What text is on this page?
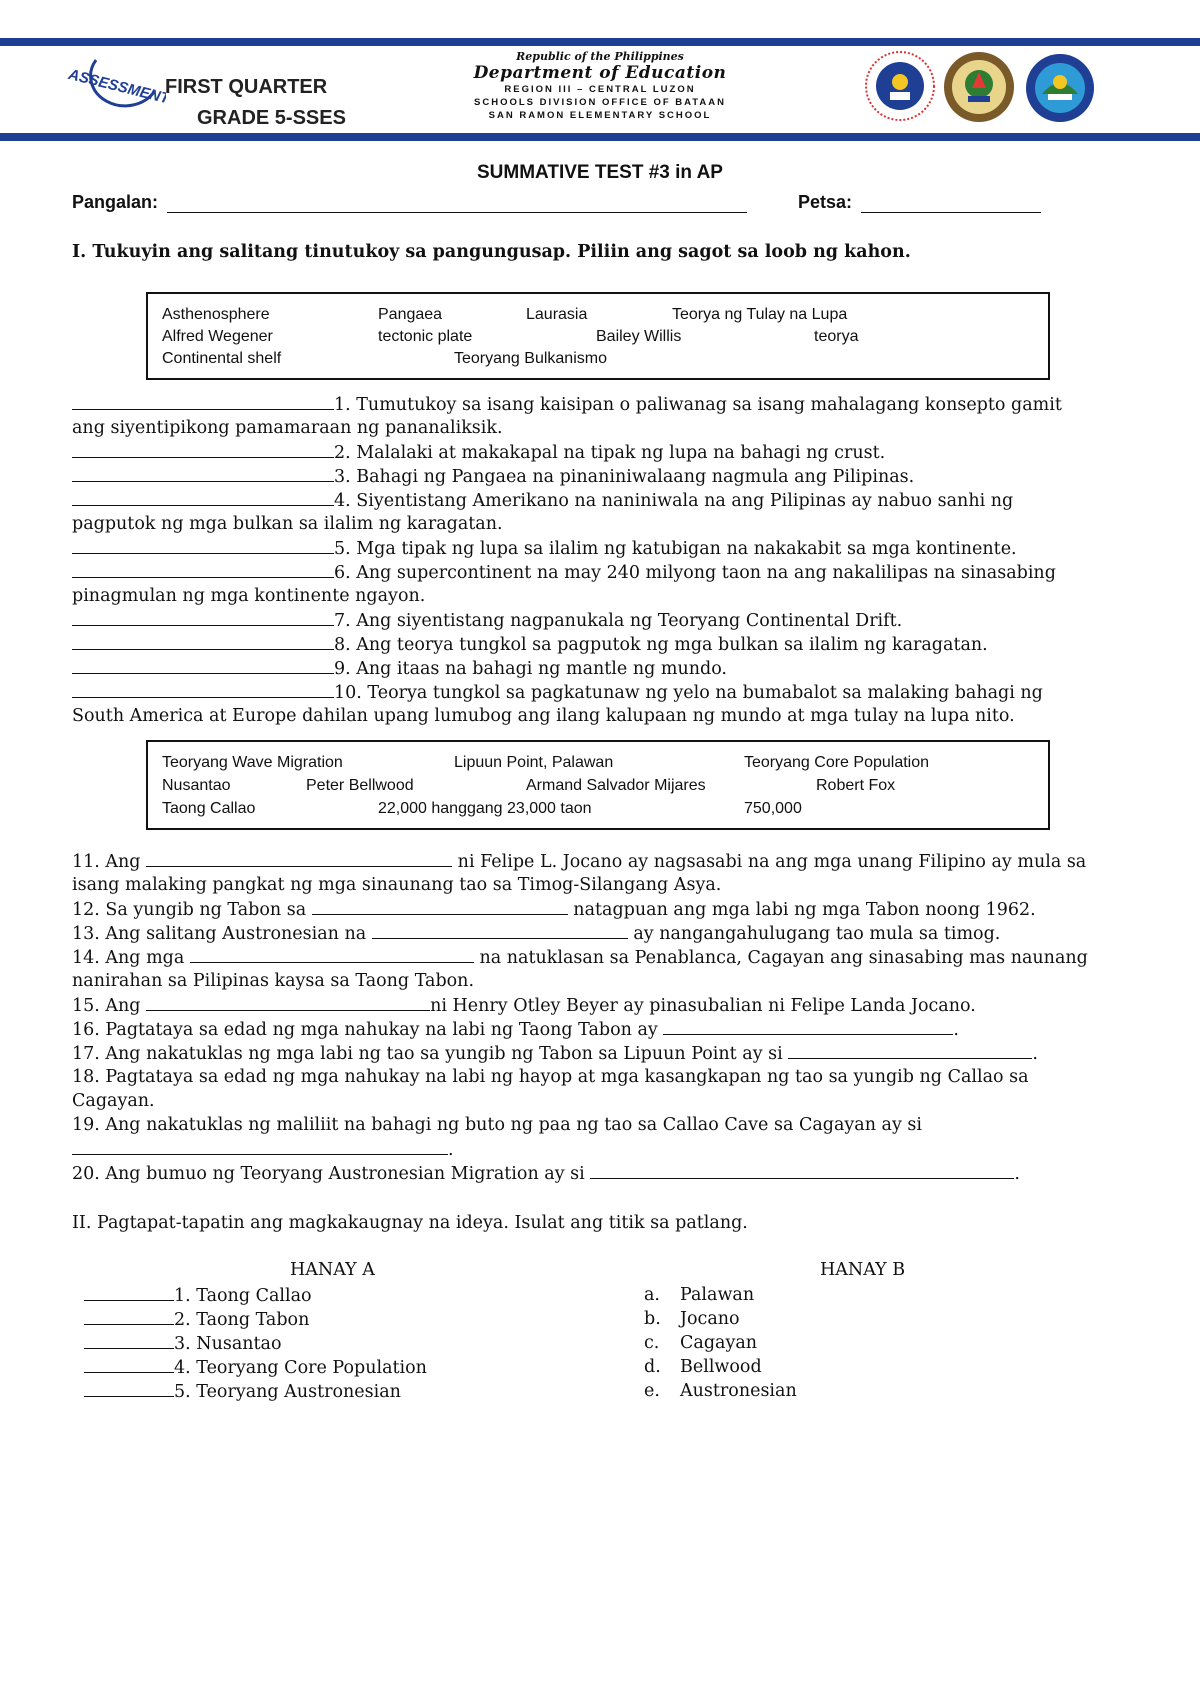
ASSESSMENT
FIRST QUARTER
GRADE 5-SSES
Republic of the Philippines
Department of Education
REGION III – CENTRAL LUZON
SCHOOLS DIVISION OFFICE OF BATAAN
SAN RAMON ELEMENTARY SCHOOL
SUMMATIVE TEST #3 in AP
Pangalan:	Petsa:
I. Tukuyin ang salitang tinutukoy sa pangungusap. Piliin ang sagot sa loob ng kahon.
Asthenosphere	Pangaea	Laurasia	Teorya ng Tulay na Lupa
Alfred Wegener	tectonic plate	Bailey Willis	teorya
Continental shelf	Teoryang Bulkanismo
1. Tumutukoy sa isang kaisipan o paliwanag sa isang mahalagang konsepto gamit
ang siyentipikong pamamaraan ng pananaliksik.
2. Malalaki at makakapal na tipak ng lupa na bahagi ng crust.
3. Bahagi ng Pangaea na pinaniniwalaang nagmula ang Pilipinas.
4. Siyentistang Amerikano na naniniwala na ang Pilipinas ay nabuo sanhi ng
pagputok ng mga bulkan sa ilalim ng karagatan.
5. Mga tipak ng lupa sa ilalim ng katubigan na nakakabit sa mga kontinente.
6. Ang supercontinent na may 240 milyong taon na ang nakalilipas na sinasabing
pinagmulan ng mga kontinente ngayon.
7. Ang siyentistang nagpanukala ng Teoryang Continental Drift.
8. Ang teorya tungkol sa pagputok ng mga bulkan sa ilalim ng karagatan.
9. Ang itaas na bahagi ng mantle ng mundo.
10. Teorya tungkol sa pagkatunaw ng yelo na bumabalot sa malaking bahagi ng
South America at Europe dahilan upang lumubog ang ilang kalupaan ng mundo at mga tulay na lupa nito.
Teoryang Wave Migration	Lipuun Point, Palawan	Teoryang Core Population
Nusantao	Peter Bellwood	Armand Salvador Mijares	Robert Fox
Taong Callao	22,000 hanggang 23,000 taon	750,000
11. Ang	ni Felipe L. Jocano ay nagsasabi na ang mga unang Filipino ay mula sa
isang malaking pangkat ng mga sinaunang tao sa Timog-Silangang Asya.
12. Sa yungib ng Tabon sa	natagpuan ang mga labi ng mga Tabon noong 1962.
13. Ang salitang Austronesian na	ay nangangahulugang tao mula sa timog.
14. Ang mga	na natuklasan sa Penablanca, Cagayan ang sinasabing mas naunang
nanirahan sa Pilipinas kaysa sa Taong Tabon.
15. Ang	ni Henry Otley Beyer ay pinasubalian ni Felipe Landa Jocano.
16. Pagtataya sa edad ng mga nahukay na labi ng Taong Tabon ay	.
17. Ang nakatuklas ng mga labi ng tao sa yungib ng Tabon sa Lipuun Point ay si	.
18. Pagtataya sa edad ng mga nahukay na labi ng hayop at mga kasangkapan ng tao sa yungib ng Callao sa
Cagayan.
19. Ang nakatuklas ng maliliit na bahagi ng buto ng paa ng tao sa Callao Cave sa Cagayan ay si
.
20. Ang bumuo ng Teoryang Austronesian Migration ay si	.
II. Pagtapat-tapatin ang magkakaugnay na ideya. Isulat ang titik sa patlang.
HANAY A	HANAY B
1. Taong Callao
2. Taong Tabon
3. Nusantao
4. Teoryang Core Population
5. Teoryang Austronesian
a. Palawan
b. Jocano
c. Cagayan
d. Bellwood
e. Austronesian
